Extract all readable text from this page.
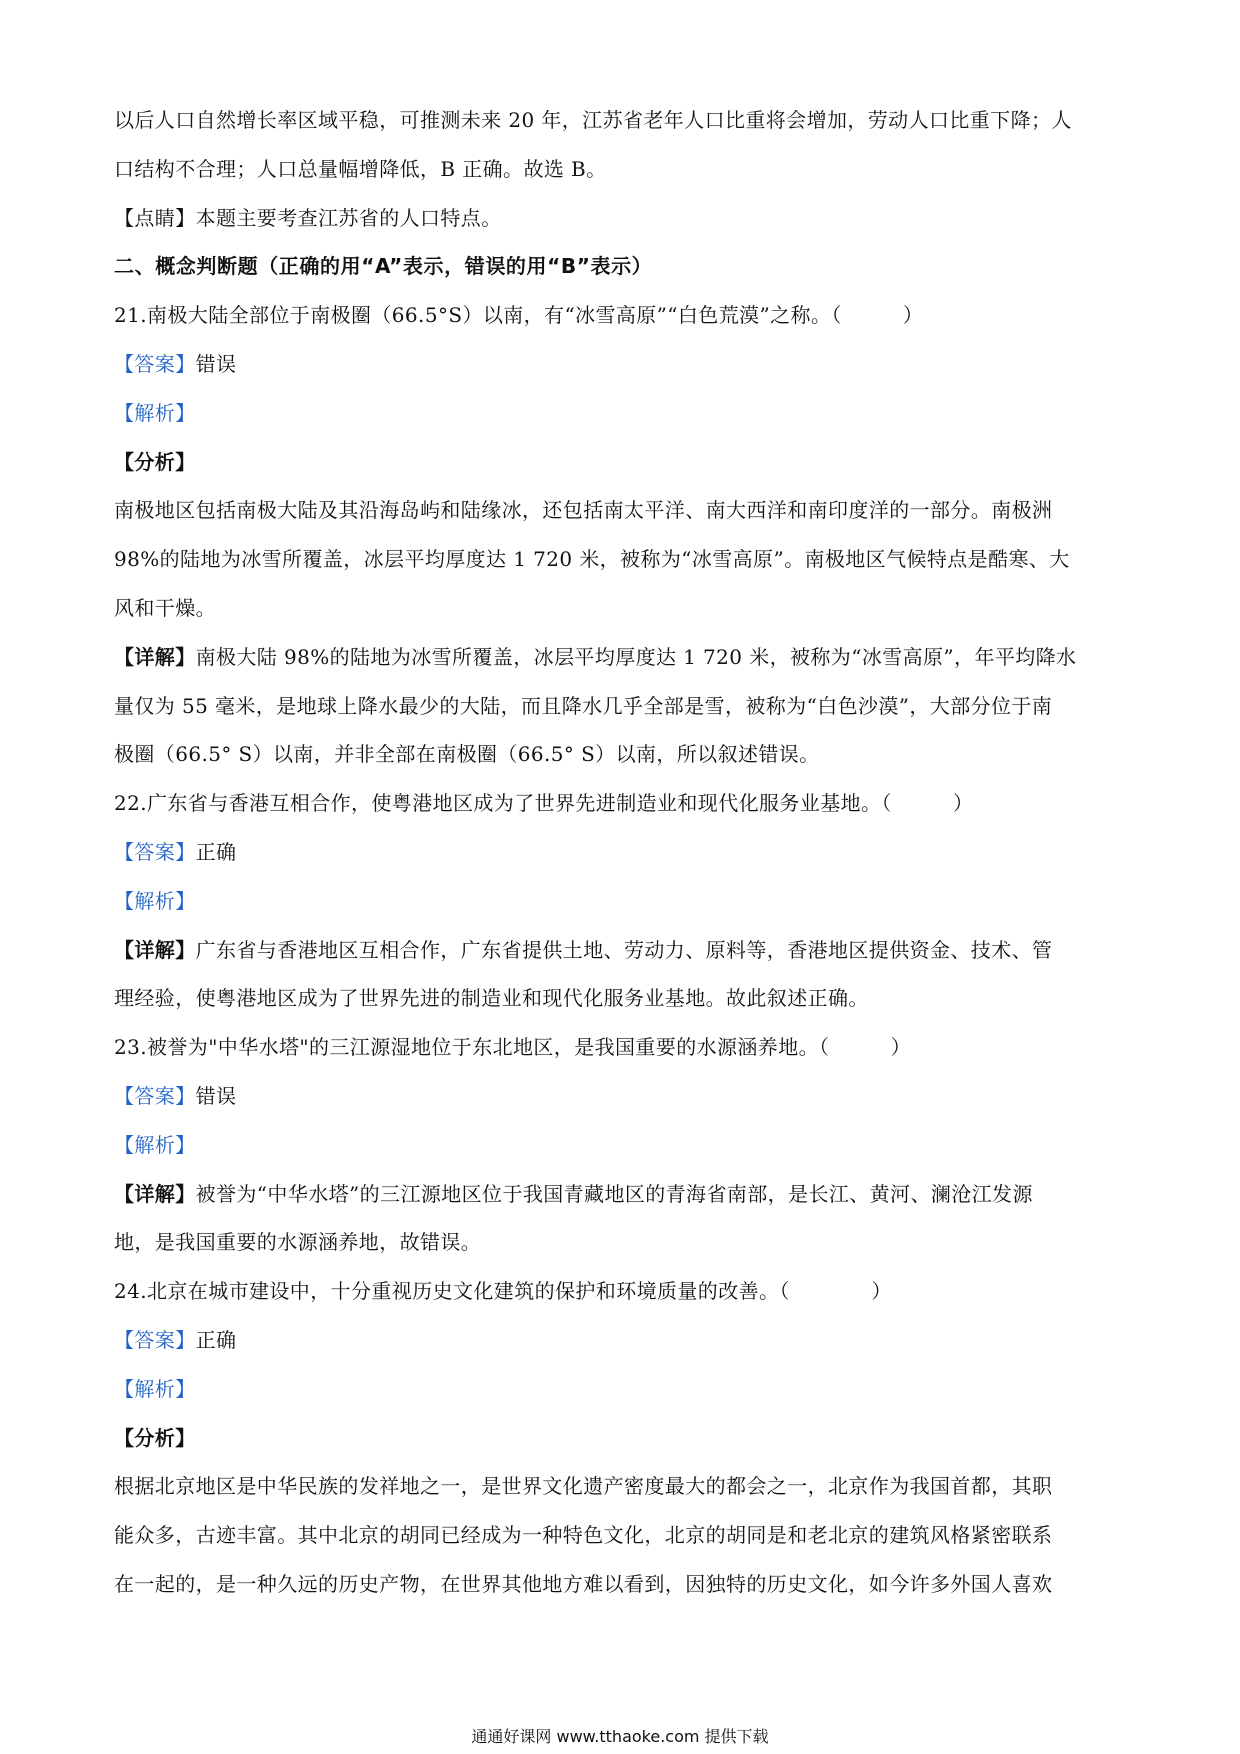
以后人口自然增长率区域平稳，可推测未来 20 年，江苏省老年人口比重将会增加，劳动人口比重下降；人
口结构不合理；人口总量幅增降低，B 正确。故选 B。
【点睛】本题主要考查江苏省的人口特点。
二、概念判断题（正确的用“A”表示，错误的用“B”表示）
21.南极大陆全部位于南极圈（66.5°S）以南，有“冰雪高原”“白色荒漠”之称。（　　　）
【答案】错误
【解析】
【分析】
南极地区包括南极大陆及其沿海岛屿和陆缘冰，还包括南太平洋、南大西洋和南印度洋的一部分。南极洲
98%的陆地为冰雪所覆盖，冰层平均厚度达 1 720 米，被称为“冰雪高原”。南极地区气候特点是酷寒、大
风和干燥。
【详解】南极大陆 98%的陆地为冰雪所覆盖，冰层平均厚度达 1 720 米，被称为“冰雪高原”，年平均降水
量仅为 55 毫米，是地球上降水最少的大陆，而且降水几乎全部是雪，被称为“白色沙漠”，大部分位于南
极圈（66.5° S）以南，并非全部在南极圈（66.5° S）以南，所以叙述错误。
22.广东省与香港互相合作，使粤港地区成为了世界先进制造业和现代化服务业基地。（　　　）
【答案】正确
【解析】
【详解】广东省与香港地区互相合作，广东省提供土地、劳动力、原料等，香港地区提供资金、技术、管
理经验，使粤港地区成为了世界先进的制造业和现代化服务业基地。故此叙述正确。
23.被誉为"中华水塔"的三江源湿地位于东北地区，是我国重要的水源涵养地。（　　　）
【答案】错误
【解析】
【详解】被誉为“中华水塔”的三江源地区位于我国青藏地区的青海省南部，是长江、黄河、澜沧江发源
地，是我国重要的水源涵养地，故错误。
24.北京在城市建设中，十分重视历史文化建筑的保护和环境质量的改善。（　　　　）
【答案】正确
【解析】
【分析】
根据北京地区是中华民族的发祥地之一，是世界文化遗产密度最大的都会之一，北京作为我国首都，其职
能众多，古迹丰富。其中北京的胡同已经成为一种特色文化，北京的胡同是和老北京的建筑风格紧密联系
在一起的，是一种久远的历史产物，在世界其他地方难以看到，因独特的历史文化，如今许多外国人喜欢
通通好课网 www.tthaoke.com 提供下载
